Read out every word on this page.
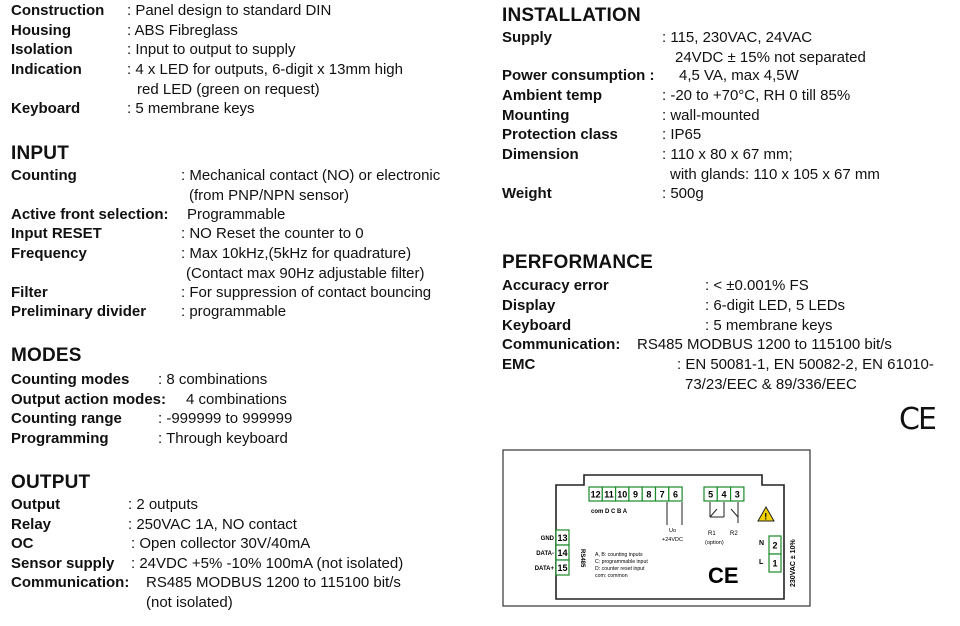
Construction : Panel design to standard DIN
Housing	: ABS Fibreglass
Isolation	: Input to output to supply
Indication	: 4 x LED for outputs, 6-digit x 13mm high
red LED (green on request)
Keyboard	: 5 membrane keys
INPUT
Counting	: Mechanical contact (NO) or electronic
(from PNP/NPN sensor)
Active front selection: Programmable
Input RESET	: NO Reset the counter to 0
Frequency	: Max 10kHz,(5kHz for quadrature)
(Contact max 90Hz adjustable filter)
Filter	: For suppression of contact bouncing
Preliminary divider : programmable
MODES
Counting modes : 8 combinations
Output action modes: 4 combinations
Counting range : -999999 to 999999
Programming	: Through keyboard
OUTPUT
Output	: 2 outputs
Relay	: 250VAC 1A, NO contact
OC	: Open collector 30V/40mA
Sensor supply : 24VDC +5% -10% 100mA (not isolated)
Communication: RS485 MODBUS 1200 to 115100 bit/s
(not isolated)
INSTALLATION
Supply	: 115, 230VAC, 24VAC
24VDC ± 15% not separated
Power consumption : 4,5 VA, max 4,5W
Ambient temp	: -20 to +70°C, RH 0 till 85%
Mounting	: wall-mounted
Protection class	: IP65
Dimension	: 110 x 80 x 67 mm;
with glands: 110 x 105 x 67 mm
Weight	: 500g
PERFORMANCE
Accuracy error	: < ±0.001% FS
Display	: 6-digit LED, 5 LEDs
Keyboard	: 5 membrane keys
Communication: RS485 MODBUS 1200 to 115100 bit/s
EMC	: EN 50081-1, EN 50082-2, EN 61010-
73/23/EEC & 89/336/EEC
CE
12 11 10 9 8 7 6	5 4 3
13
14
15
2
1
com D C B A
RS485
Uo
+24VDC
R1 R2
(option)
!
A, B: counting inputs
C: programmable input
D: counter reset input
com: common	CE
N
L	230VAC ± 10%
GND
DATA-
DATA+
